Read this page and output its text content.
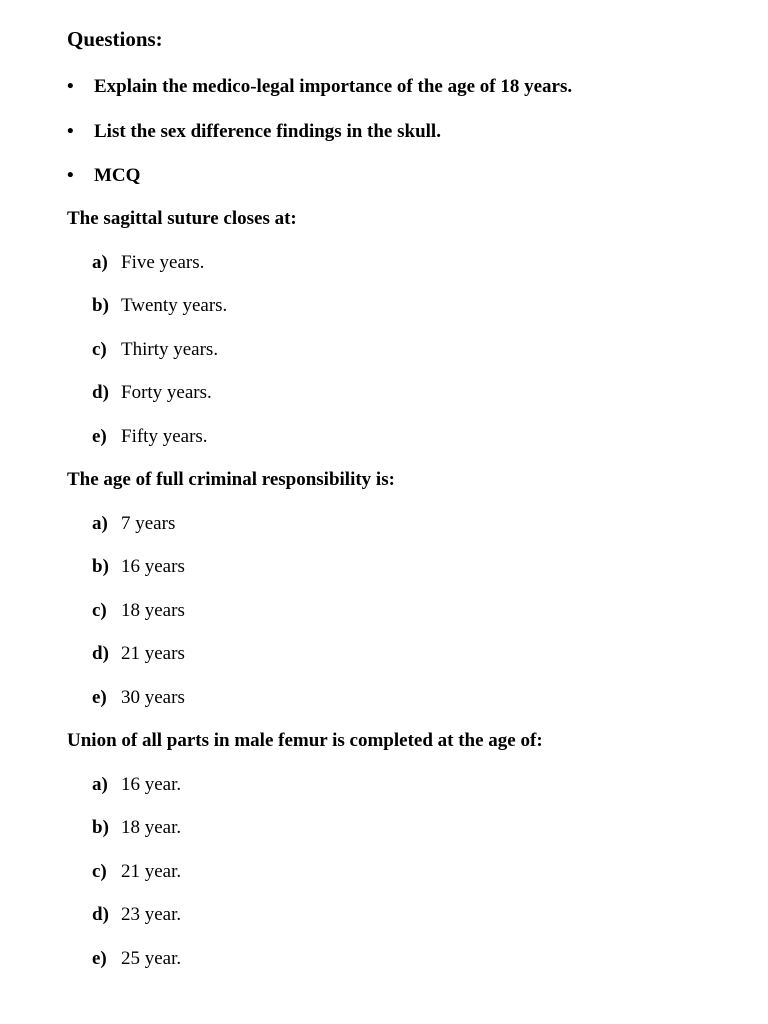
Questions:
•	Explain the medico-legal importance of the age of 18 years.
•	List the sex difference findings in the skull.
•	MCQ

The sagittal suture closes at:

a) Five years.
b) Twenty years.
c) Thirty years.
d) Forty years.
e) Fifty years.

The age of full criminal responsibility is:

a) 7 years
b) 16 years
c) 18 years
d) 21 years
e) 30 years

Union of all parts in male femur is completed at the age of:

a) 16 year.
b) 18 year.
c) 21 year.
d) 23 year.
e) 25 year.
